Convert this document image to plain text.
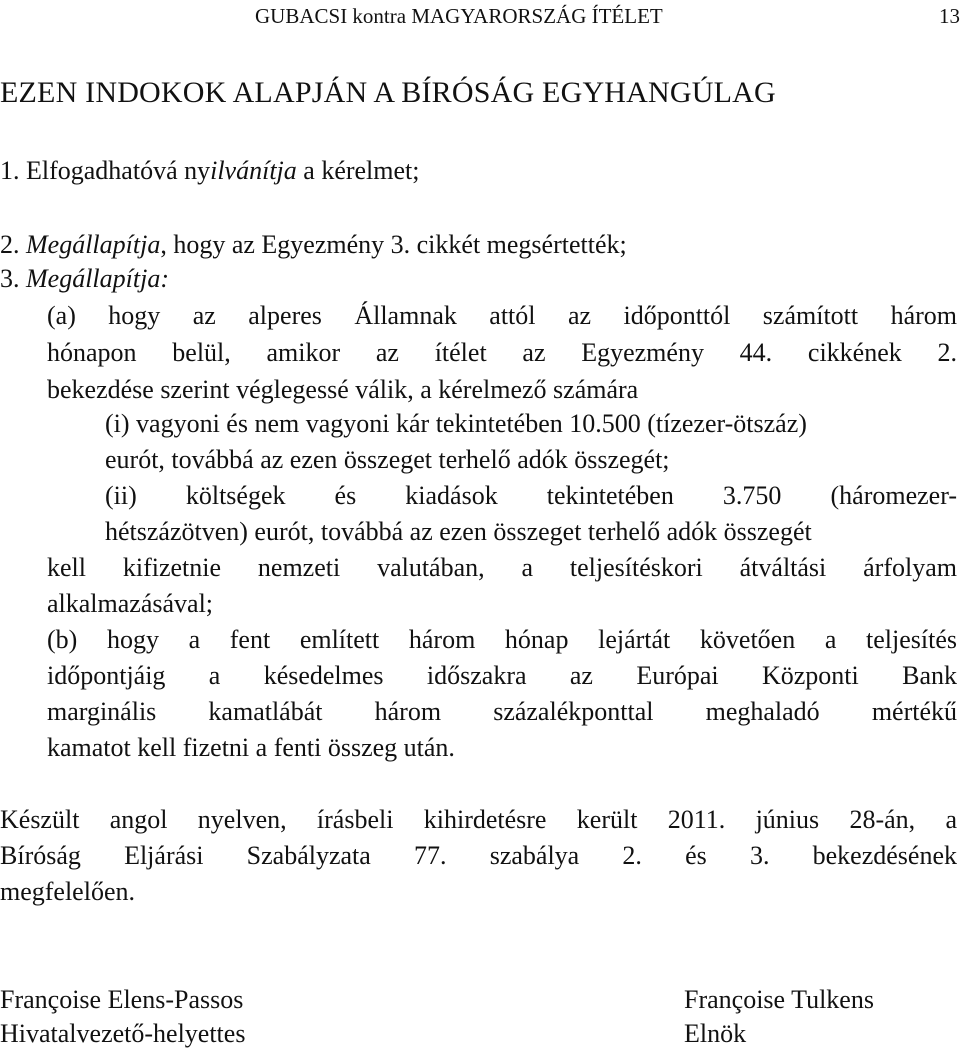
GUBACSI kontra MAGYARORSZÁG ÍTÉLET	13
EZEN INDOKOK ALAPJÁN A BÍRÓSÁG EGYHANGÚLAG
1. Elfogadhatóvá nyilvánítja a kérelmet;
2. Megállapítja, hogy az Egyezmény 3. cikkét megsértették;
3. Megállapítja:
(a) hogy az alperes Államnak attól az időponttól számított három
hónapon belül, amikor az ítélet az Egyezmény 44. cikkének 2.
bekezdése szerint véglegessé válik, a kérelmező számára
(i) vagyoni és nem vagyoni kár tekintetében 10.500 (tízezer-ötszáz)
eurót, továbbá az ezen összeget terhelő adók összegét;
(ii) költségek és kiadások tekintetében 3.750 (háromezer-
hétszázötven) eurót, továbbá az ezen összeget terhelő adók összegét
kell kifizetnie nemzeti valutában, a teljesítéskori átváltási árfolyam
alkalmazásával;
(b) hogy a fent említett három hónap lejártát követően a teljesítés
időpontjáig a késedelmes időszakra az Európai Központi Bank
marginális kamatlábát három százalékponttal meghaladó mértékű
kamatot kell fizetni a fenti összeg után.
Készült angol nyelven, írásbeli kihirdetésre került 2011. június 28-án, a
Bíróság Eljárási Szabályzata 77. szabálya 2. és 3. bekezdésének
megfelelően.
Françoise Elens-Passos
Hivatalvezető-helyettes
Françoise Tulkens
Elnök
